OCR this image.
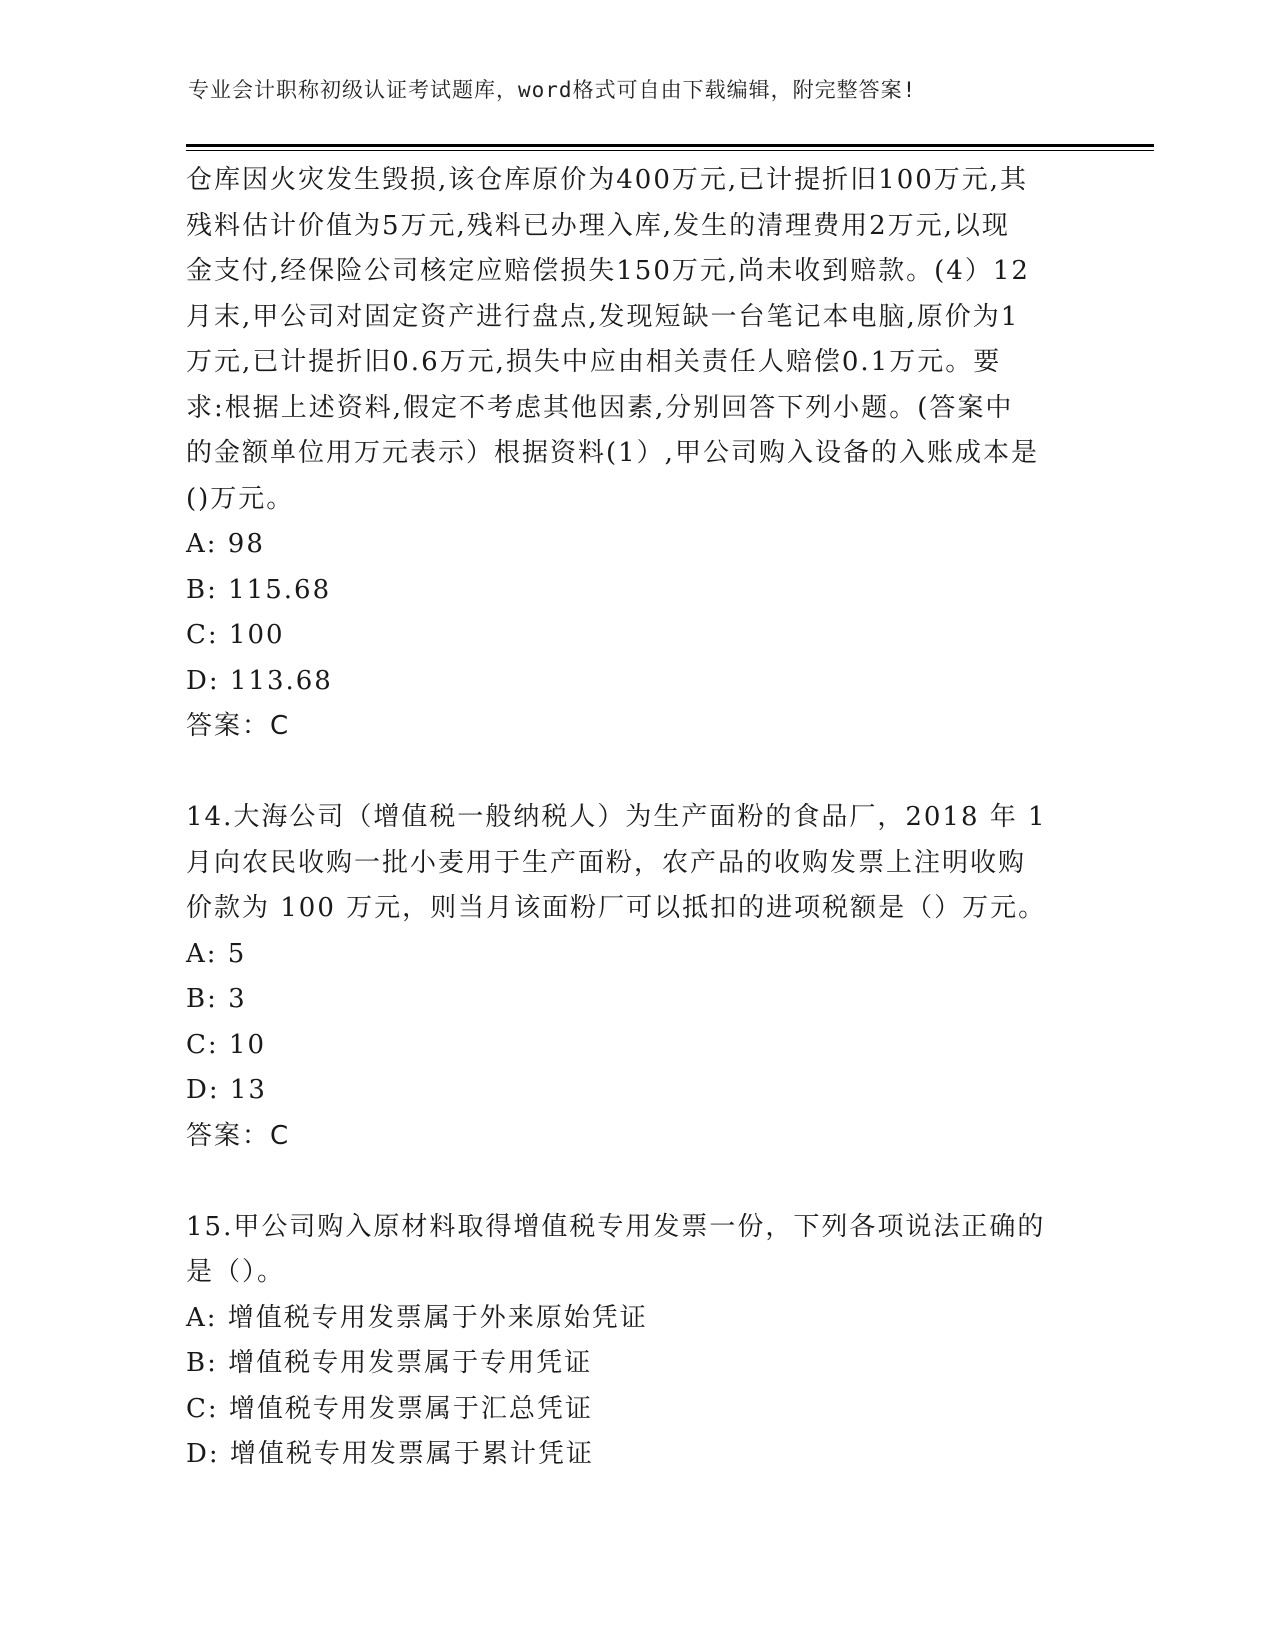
专业会计职称初级认证考试题库，word格式可自由下载编辑，附完整答案!
仓库因火灾发生毁损,该仓库原价为400万元,已计提折旧100万元,其
残料估计价值为5万元,残料已办理入库,发生的清理费用2万元,以现
金支付,经保险公司核定应赔偿损失150万元,尚未收到赔款。(4）12
月末,甲公司对固定资产进行盘点,发现短缺一台笔记本电脑,原价为1
万元,已计提折旧0.6万元,损失中应由相关责任人赔偿0.1万元。要
求:根据上述资料,假定不考虑其他因素,分别回答下列小题。(答案中
的金额单位用万元表示）根据资料(1）,甲公司购入设备的入账成本是
()万元。
A: 98
B: 115.68
C: 100
D: 113.68
答案：C
14.大海公司（增值税一般纳税人）为生产面粉的食品厂，2018 年 1
月向农民收购一批小麦用于生产面粉，农产品的收购发票上注明收购
价款为 100 万元，则当月该面粉厂可以抵扣的进项税额是（）万元。
A: 5
B: 3
C: 10
D: 13
答案：C
15.甲公司购入原材料取得增值税专用发票一份，下列各项说法正确的
是（）。
A: 增值税专用发票属于外来原始凭证
B: 增值税专用发票属于专用凭证
C: 增值税专用发票属于汇总凭证
D: 增值税专用发票属于累计凭证
